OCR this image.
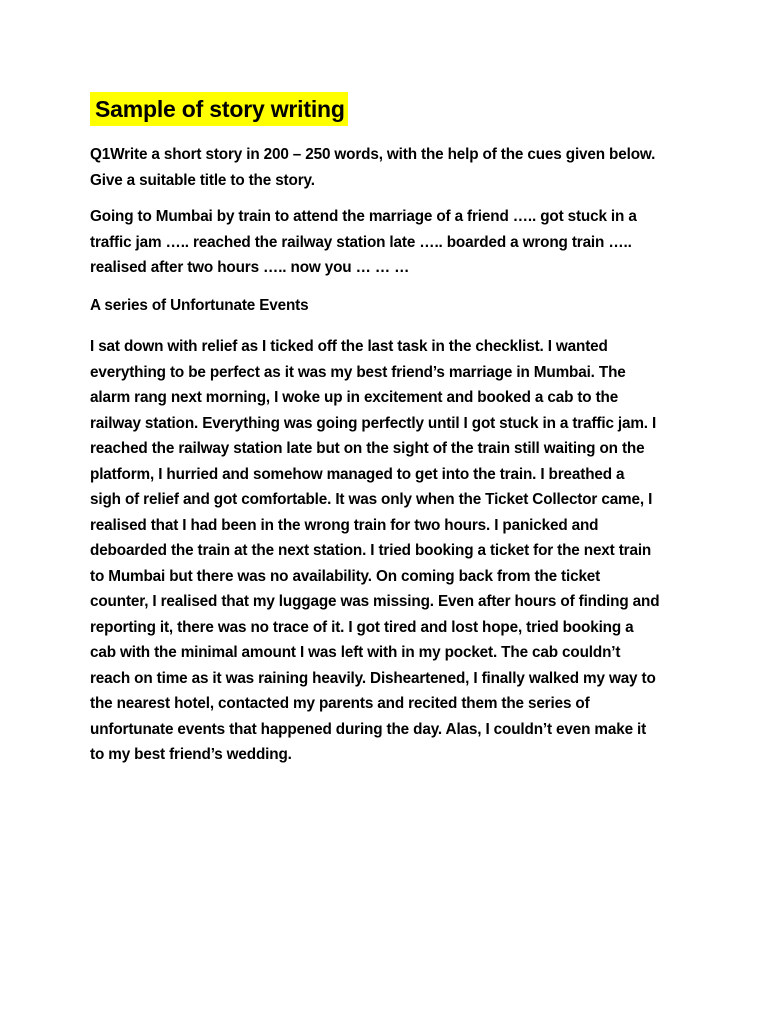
Sample of story writing
Q1Write a short story in 200 – 250 words, with the help of the cues given below.
Give a suitable title to the story.
Going to Mumbai by train to attend the marriage of a friend ….. got stuck in a
traffic jam ….. reached the railway station late ….. boarded a wrong train …..
realised after two hours ….. now you … … …
A series of Unfortunate Events
I sat down with relief as I ticked off the last task in the checklist. I wanted
everything to be perfect as it was my best friend’s marriage in Mumbai. The
alarm rang next morning, I woke up in excitement and booked a cab to the
railway station. Everything was going perfectly until I got stuck in a traffic jam. I
reached the railway station late but on the sight of the train still waiting on the
platform, I hurried and somehow managed to get into the train. I breathed a
sigh of relief and got comfortable. It was only when the Ticket Collector came, I
realised that I had been in the wrong train for two hours. I panicked and
deboarded the train at the next station. I tried booking a ticket for the next train
to Mumbai but there was no availability. On coming back from the ticket
counter, I realised that my luggage was missing. Even after hours of finding and
reporting it, there was no trace of it. I got tired and lost hope, tried booking a
cab with the minimal amount I was left with in my pocket. The cab couldn’t
reach on time as it was raining heavily. Disheartened, I finally walked my way to
the nearest hotel, contacted my parents and recited them the series of
unfortunate events that happened during the day. Alas, I couldn’t even make it
to my best friend’s wedding.
